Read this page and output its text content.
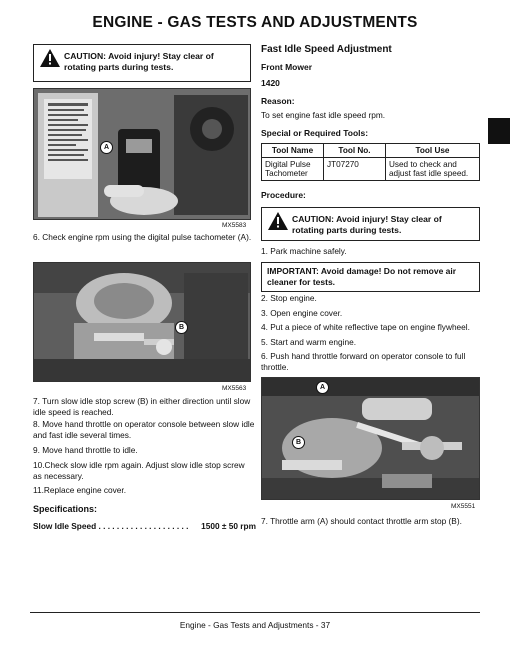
ENGINE - GAS TESTS AND ADJUSTMENTS
CAUTION: Avoid injury! Stay clear of rotating parts during tests.
A
MX5583
6. Check engine rpm using the digital pulse tachometer (A).
B
MX5563
7. Turn slow idle stop screw (B) in either direction until slow idle speed is reached.
8. Move hand throttle on operator console between slow idle and fast idle several times.
9. Move hand throttle to idle.
10.Check slow idle rpm again. Adjust slow idle stop screw as necessary.
11.Replace engine cover.
Specifications:
Slow Idle Speed . . . . . . . . . . . . . . . . . . . .	1500 ± 50 rpm
Fast Idle Speed Adjustment
Front Mower
1420
Reason:
To set engine fast idle speed rpm.
Special or Required Tools:
Tool Name	Tool No.	Tool Use
Digital Pulse Tachometer	JT07270	Used to check and adjust fast idle speed.
Procedure:
CAUTION: Avoid injury! Stay clear of rotating parts during tests.
1. Park machine safely.
IMPORTANT: Avoid damage! Do not remove air cleaner for tests.
2. Stop engine.
3. Open engine cover.
4. Put a piece of white reflective tape on engine flywheel.
5. Start and warm engine.
6. Push hand throttle forward on operator console to full throttle.
A
B
MX5551
7. Throttle arm (A) should contact throttle arm stop (B).
Engine - Gas Tests and Adjustments - 37
